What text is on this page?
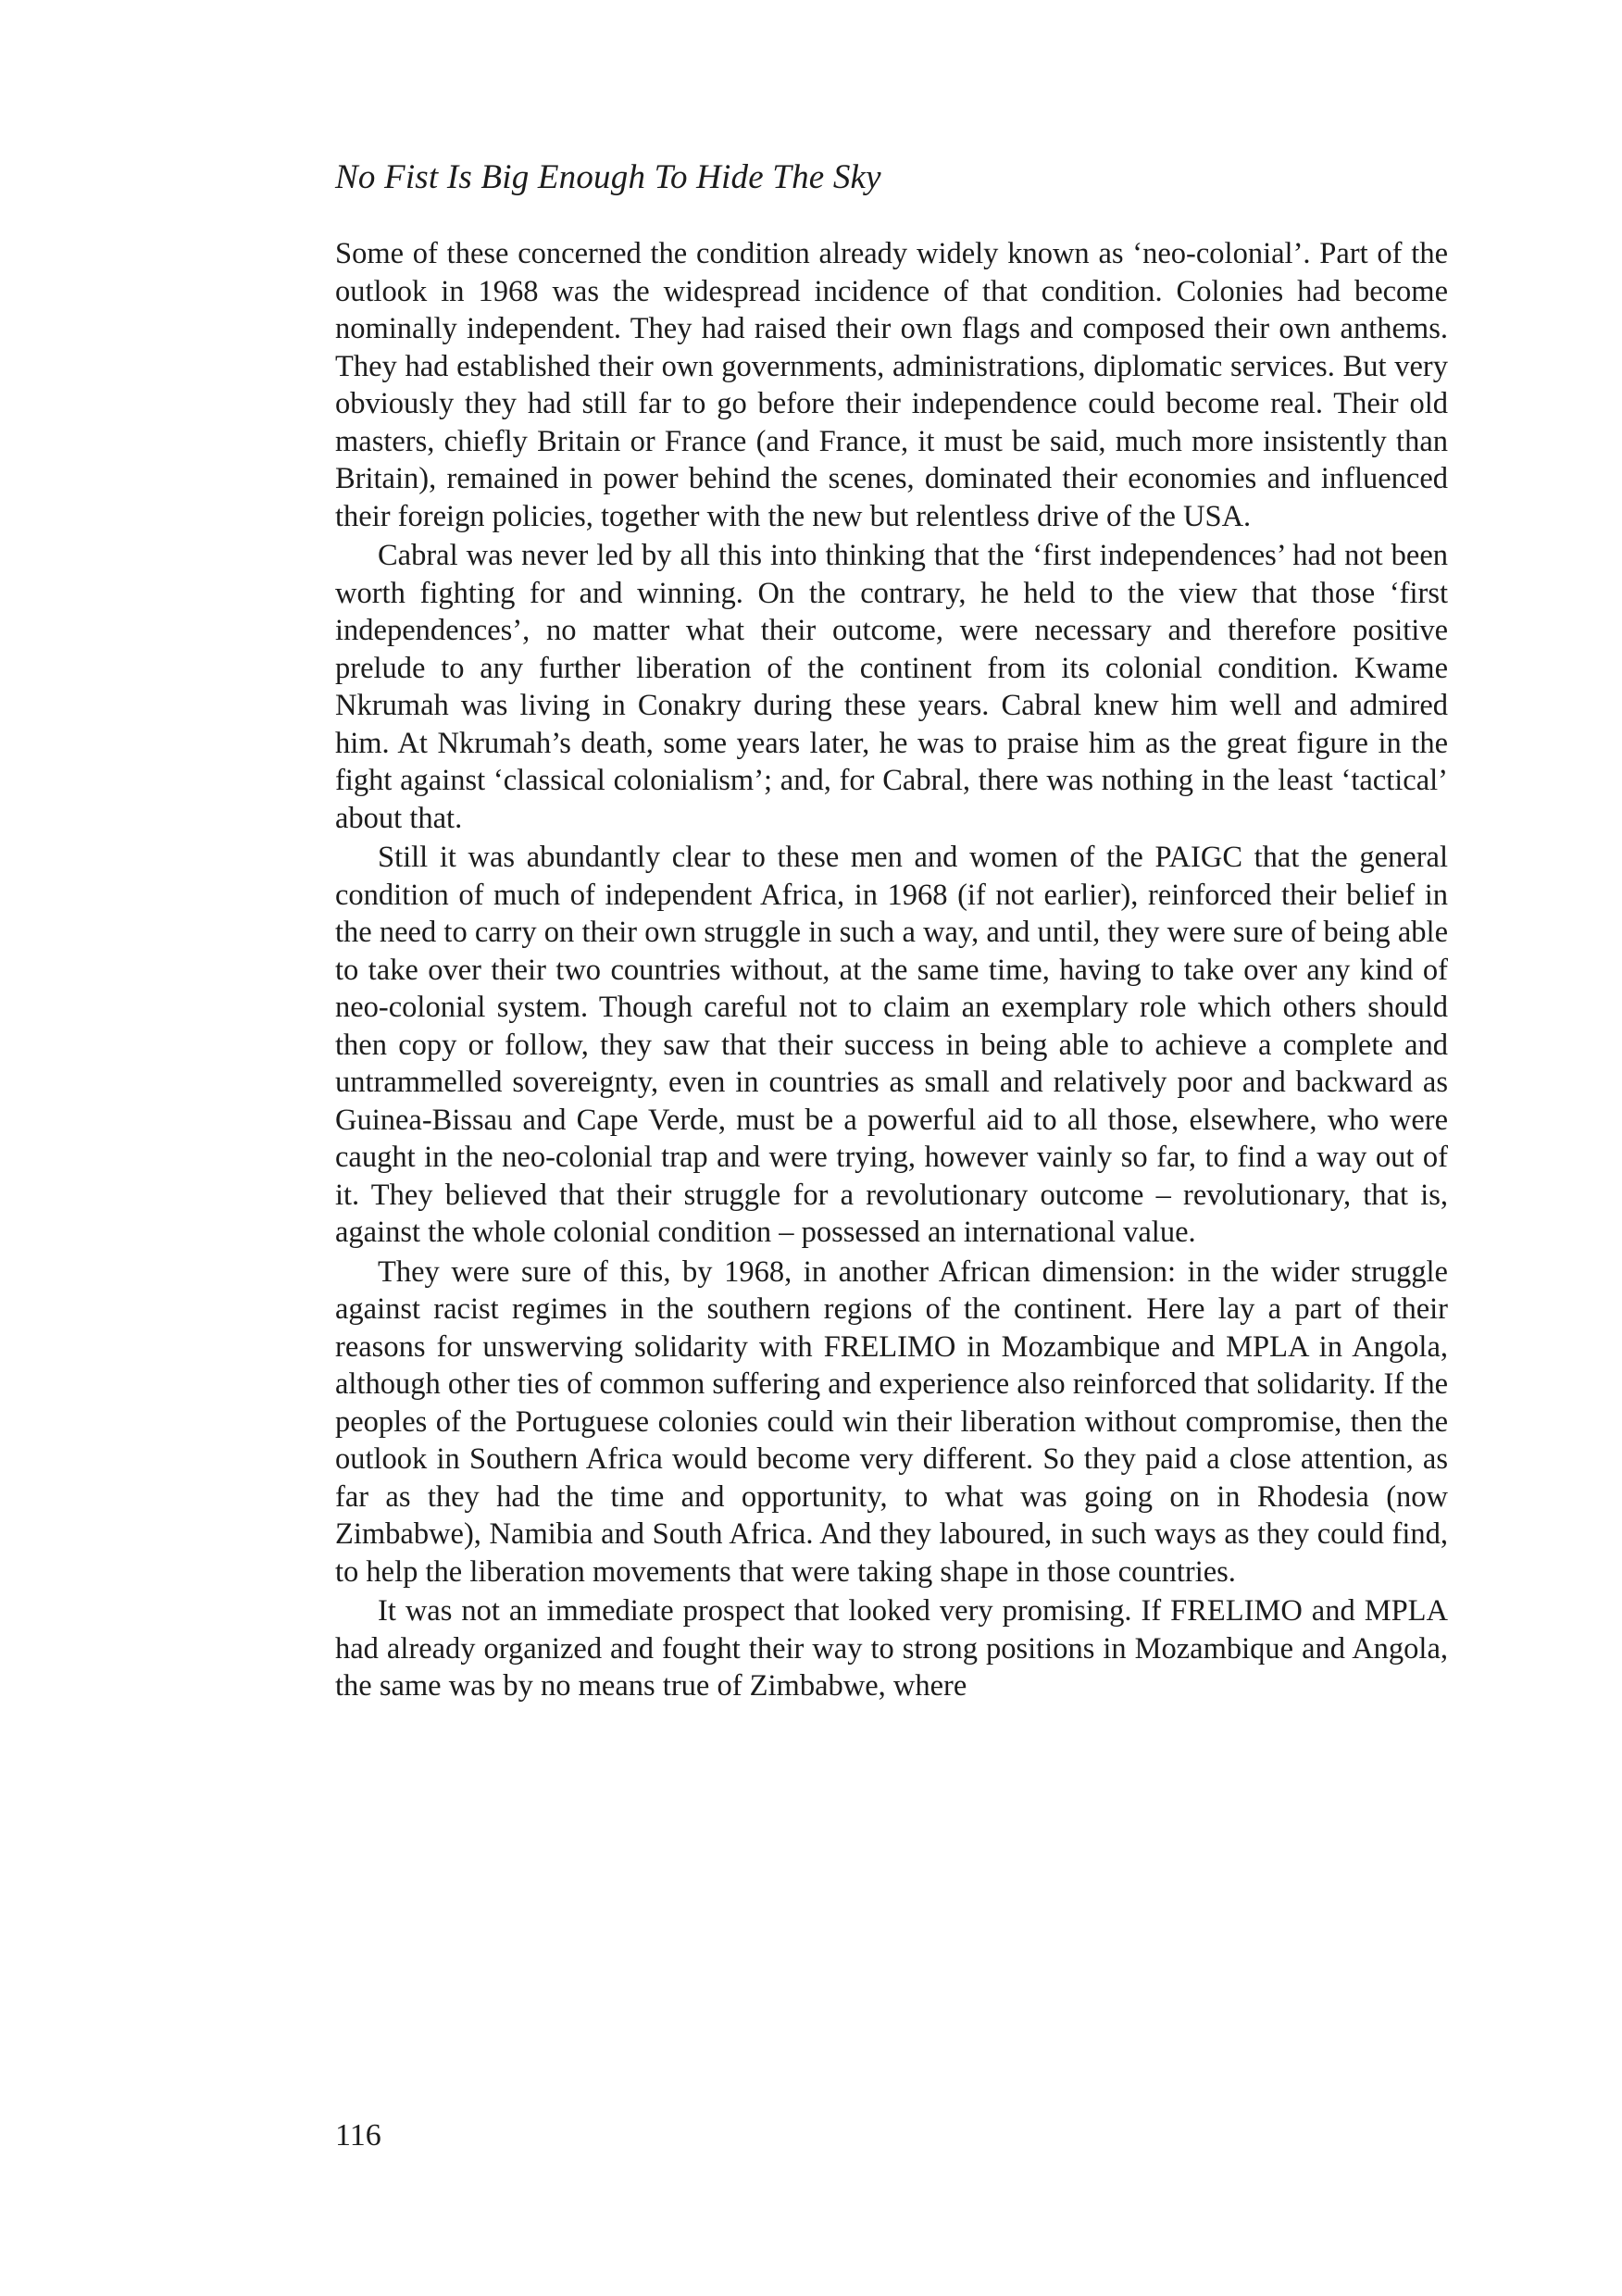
No Fist Is Big Enough To Hide The Sky

Some of these concerned the condition already widely known as ‘neo-colonial’. Part of the outlook in 1968 was the widespread incidence of that condition. Colonies had become nominally independent. They had raised their own flags and composed their own anthems. They had established their own governments, administrations, diplomatic services. But very obviously they had still far to go before their independence could become real. Their old masters, chiefly Britain or France (and France, it must be said, much more insistently than Britain), remained in power behind the scenes, dominated their economies and influenced their foreign policies, together with the new but relentless drive of the USA.

Cabral was never led by all this into thinking that the ‘first independences’ had not been worth fighting for and winning. On the contrary, he held to the view that those ‘first independences’, no matter what their outcome, were necessary and therefore positive prelude to any further liberation of the continent from its colonial condition. Kwame Nkrumah was living in Conakry during these years. Cabral knew him well and admired him. At Nkrumah’s death, some years later, he was to praise him as the great figure in the fight against ‘classical colonialism’; and, for Cabral, there was nothing in the least ‘tactical’ about that.

Still it was abundantly clear to these men and women of the PAIGC that the general condition of much of independent Africa, in 1968 (if not earlier), reinforced their belief in the need to carry on their own struggle in such a way, and until, they were sure of being able to take over their two countries without, at the same time, having to take over any kind of neo-colonial system. Though careful not to claim an exemplary role which others should then copy or follow, they saw that their success in being able to achieve a complete and untrammelled sovereignty, even in countries as small and relatively poor and backward as Guinea-Bissau and Cape Verde, must be a powerful aid to all those, elsewhere, who were caught in the neo-colonial trap and were trying, however vainly so far, to find a way out of it. They believed that their struggle for a revolutionary outcome – revolutionary, that is, against the whole colonial condition – possessed an international value.

They were sure of this, by 1968, in another African dimension: in the wider struggle against racist regimes in the southern regions of the continent. Here lay a part of their reasons for unswerving solidarity with FRELIMO in Mozambique and MPLA in Angola, although other ties of common suffering and experience also reinforced that solidarity. If the peoples of the Portuguese colonies could win their liberation without compromise, then the outlook in Southern Africa would become very different. So they paid a close attention, as far as they had the time and opportunity, to what was going on in Rhodesia (now Zimbabwe), Namibia and South Africa. And they laboured, in such ways as they could find, to help the liberation movements that were taking shape in those countries.

It was not an immediate prospect that looked very promising. If FRELIMO and MPLA had already organized and fought their way to strong positions in Mozambique and Angola, the same was by no means true of Zimbabwe, where

116
